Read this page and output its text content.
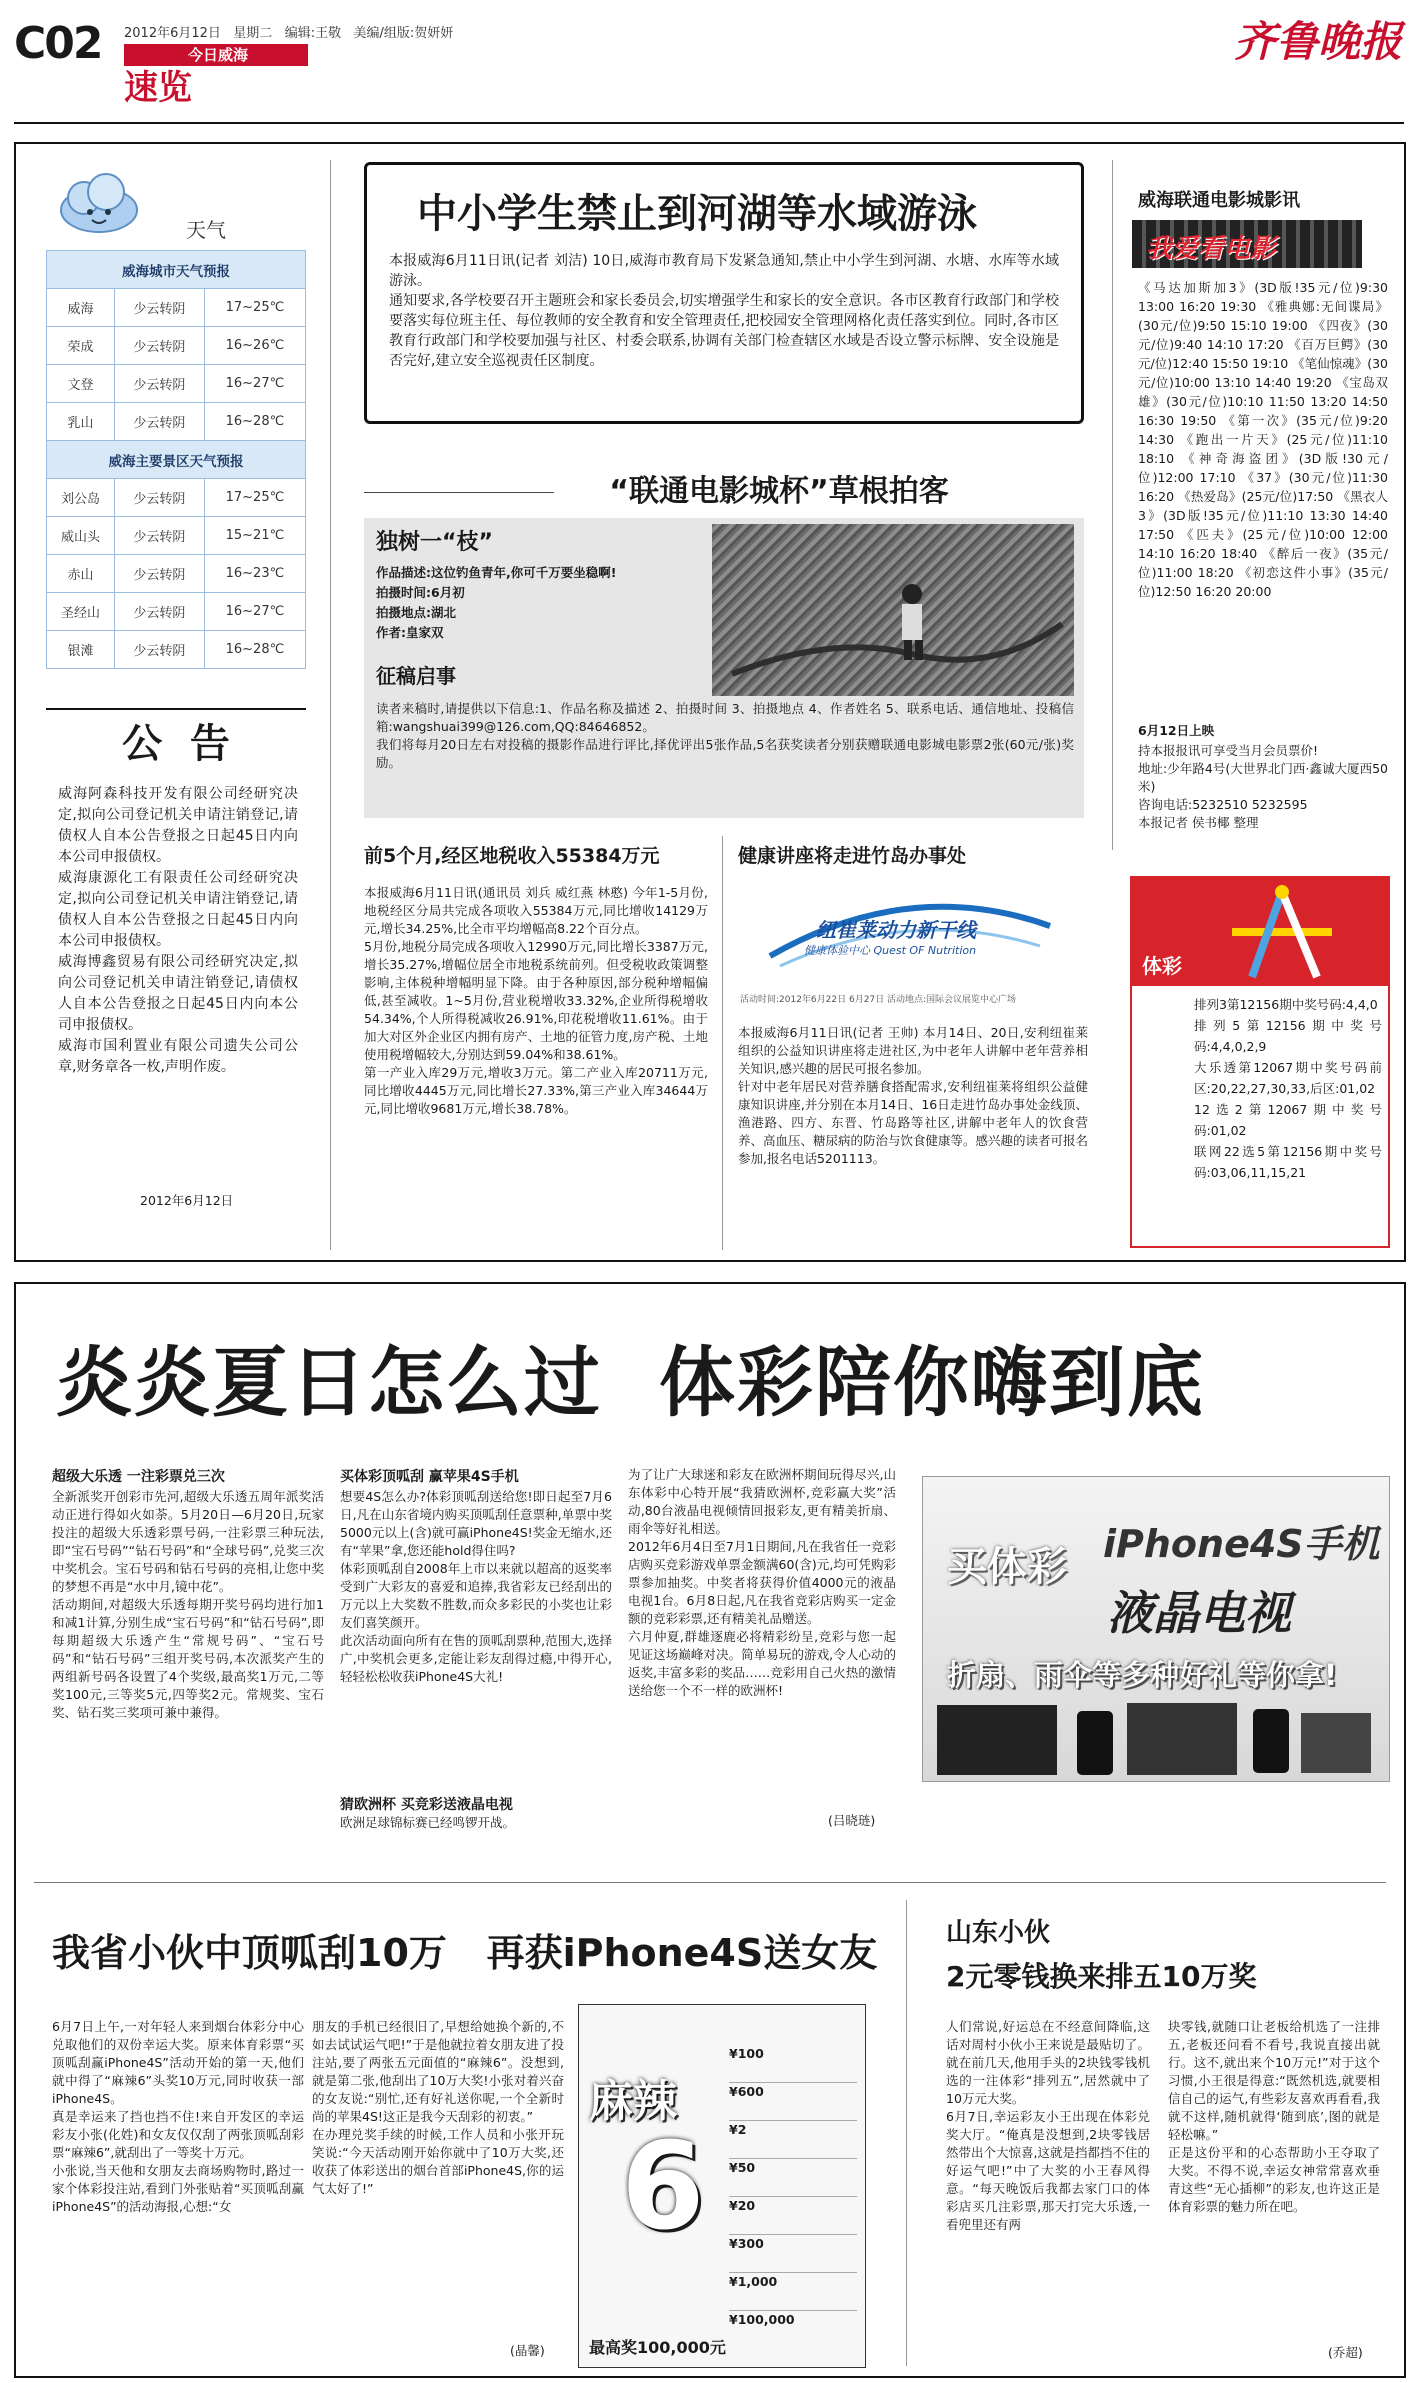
C02 2012年6月12日   星期二   编辑:王敬   美编/组版:贺妍妍
今日威海
速览
齐鲁晚报
天气
威海城市天气预报		
威海	少云转阴	17~25℃
荣成	少云转阴	16~26℃
文登	少云转阴	16~27℃
乳山	少云转阴	16~28℃
威海主要景区天气预报		
刘公岛	少云转阴	17~25℃
威山头	少云转阴	15~21℃
赤山	少云转阴	16~23℃
圣经山	少云转阴	16~27℃
银滩	少云转阴	16~28℃
公  告
威海阿森科技开发有限公司经研究决定,拟向公司登记机关申请注销登记,请债权人自本公告登报之日起45日内向本公司申报债权。
威海康源化工有限责任公司经研究决定,拟向公司登记机关申请注销登记,请债权人自本公告登报之日起45日内向本公司申报债权。
威海博鑫贸易有限公司经研究决定,拟向公司登记机关申请注销登记,请债权人自本公告登报之日起45日内向本公司申报债权。
威海市国利置业有限公司遗失公司公章,财务章各一枚,声明作废。
2012年6月12日
中小学生禁止到河湖等水域游泳
本报威海6月11日讯(记者 刘洁) 10日,威海市教育局下发紧急通知,禁止中小学生到河湖、水塘、水库等水域游泳。
通知要求,各学校要召开主题班会和家长委员会,切实增强学生和家长的安全意识。各市区教育行政部门和学校要落实每位班主任、每位教师的安全教育和安全管理责任,把校园安全管理网格化责任落实到位。同时,各市区教育行政部门和学校要加强与社区、村委会联系,协调有关部门检查辖区水域是否设立警示标牌、安全设施是否完好,建立安全巡视责任区制度。
“联通电影城杯”草根拍客
独树一“枝”
作品描述:这位钓鱼青年,你可千万要坐稳啊!
拍摄时间:6月初
拍摄地点:湖北
作者:皇家双
征稿启事
读者来稿时,请提供以下信息:1、作品名称及描述 2、拍摄时间 3、拍摄地点 4、作者姓名 5、联系电话、通信地址、投稿信箱:wangshuai399@126.com,QQ:84646852。
我们将每月20日左右对投稿的摄影作品进行评比,择优评出5张作品,5名获奖读者分别获赠联通电影城电影票2张(60元/张)奖励。
前5个月,经区地税收入55384万元
本报威海6月11日讯(通讯员 刘兵 威红燕 林憨) 今年1-5月份,地税经区分局共完成各项收入55384万元,同比增收14129万元,增长34.25%,比全市平均增幅高8.22个百分点。
5月份,地税分局完成各项收入12990万元,同比增长3387万元,增长35.27%,增幅位居全市地税系统前列。但受税收政策调整影响,主体税种增幅明显下降。由于各种原因,部分税种增幅偏低,甚至减收。1~5月份,营业税增收33.32%,企业所得税增收54.34%,个人所得税减收26.91%,印花税增收11.61%。由于加大对区外企业区内拥有房产、土地的征管力度,房产税、土地使用税增幅较大,分别达到59.04%和38.61%。
第一产业入库29万元,增收3万元。第二产业入库20711万元,同比增收4445万元,同比增长27.33%,第三产业入库34644万元,同比增收9681万元,增长38.78%。
健康讲座将走进竹岛办事处
纽崔莱动力新干线
健康体验中心 Quest OF Nutrition
活动时间:2012年6月22日 6月27日 活动地点:国际会议展览中心广场
本报威海6月11日讯(记者 王帅) 本月14日、20日,安利纽崔莱组织的公益知识讲座将走进社区,为中老年人讲解中老年营养相关知识,感兴趣的居民可报名参加。
针对中老年居民对营养膳食搭配需求,安利纽崔莱将组织公益健康知识讲座,并分别在本月14日、16日走进竹岛办事处金线顶、渔港路、四方、东晋、竹岛路等社区,讲解中老年人的饮食营养、高血压、糖尿病的防治与饮食健康等。感兴趣的读者可报名参加,报名电话5201113。
威海联通电影城影讯
我爱看电影
《马达加斯加3》(3D版!35元/位)9:30 13:00 16:20 19:30 《雅典娜:无间谍局》(30元/位)9:50 15:10 19:00 《四夜》(30元/位)9:40 14:10 17:20 《百万巨鳄》(30元/位)12:40 15:50 19:10 《笔仙惊魂》(30元/位)10:00 13:10 14:40 19:20 《宝岛双雄》(30元/位)10:10 11:50 13:20 14:50 16:30 19:50 《第一次》(35元/位)9:20 14:30 《跑出一片天》(25元/位)11:10 18:10 《神奇海盗团》(3D版!30元/位)12:00 17:10 《37》(30元/位)11:30 16:20 《热爱岛》(25元/位)17:50 《黑衣人3》(3D版!35元/位)11:10 13:30 14:40 17:50 《匹夫》(25元/位)10:00 12:00 14:10 16:20 18:40 《醉后一夜》(35元/位)11:00 18:20 《初恋这件小事》(35元/位)12:50 16:20 20:00
6月12日上映
持本报报讯可享受当月会员票价!
地址:少年路4号(大世界北门西·鑫诚大厦西50米)
咨询电话:5232510 5232595
本报记者 侯书椰 整理
体彩
排列3第12156期中奖号码:4,4,0
排列5第12156期中奖号码:4,4,0,2,9
大乐透第12067期中奖号码前区:20,22,27,30,33,后区:01,02
12选2第12067期中奖号码:01,02
联网22选5第12156期中奖号码:03,06,11,15,21
炎炎夏日怎么过  体彩陪你嗨到底
超级大乐透 一注彩票兑三次
全新派奖开创彩市先河,超级大乐透五周年派奖活动正进行得如火如荼。5月20日—6月20日,玩家投注的超级大乐透彩票号码,一注彩票三种玩法,即“宝石号码”“钻石号码”和“全球号码”,兑奖三次中奖机会。宝石号码和钻石号码的亮相,让您中奖的梦想不再是“水中月,镜中花”。
活动期间,对超级大乐透每期开奖号码均进行加1和减1计算,分别生成“宝石号码”和“钻石号码”,即每期超级大乐透产生“常规号码”、“宝石号码”和“钻石号码”三组开奖号码,本次派奖产生的两组新号码各设置了4个奖级,最高奖1万元,二等奖100元,三等奖5元,四等奖2元。常规奖、宝石奖、钻石奖三奖项可兼中兼得。
买体彩顶呱刮 赢苹果4S手机
想要4S怎么办?体彩顶呱刮送给您!即日起至7月6日,凡在山东省境内购买顶呱刮任意票种,单票中奖5000元以上(含)就可赢iPhone4S!奖金无缩水,还有“苹果”拿,您还能hold得住吗?
体彩顶呱刮自2008年上市以来就以超高的返奖率受到广大彩友的喜爱和追捧,我省彩友已经刮出的万元以上大奖数不胜数,而众多彩民的小奖也让彩友们喜笑颜开。
此次活动面向所有在售的顶呱刮票种,范围大,选择广,中奖机会更多,定能让彩友刮得过瘾,中得开心,轻轻松松收获iPhone4S大礼!
猜欧洲杯 买竞彩送液晶电视
欧洲足球锦标赛已经鸣锣开战。
为了让广大球迷和彩友在欧洲杯期间玩得尽兴,山东体彩中心特开展“我猜欧洲杯,竞彩赢大奖”活动,80台液晶电视倾情回报彩友,更有精美折扇、雨伞等好礼相送。
2012年6月4日至7月1日期间,凡在我省任一竞彩店购买竞彩游戏单票金额满60(含)元,均可凭购彩票参加抽奖。中奖者将获得价值4000元的液晶电视1台。6月8日起,凡在我省竞彩店购买一定金额的竞彩彩票,还有精美礼品赠送。
六月仲夏,群雄逐鹿必将精彩纷呈,竞彩与您一起见证这场巅峰对决。简单易玩的游戏,令人心动的返奖,丰富多彩的奖品……竞彩用自己火热的激情送给您一个不一样的欧洲杯!
(吕晓琏)
买体彩 iPhone4S手机
液晶电视
折扇、雨伞等多种好礼等你拿!
我省小伙中顶呱刮10万   再获iPhone4S送女友
6月7日上午,一对年轻人来到烟台体彩分中心兑取他们的双份幸运大奖。原来体育彩票“买顶呱刮赢iPhone4S”活动开始的第一天,他们就中得了“麻辣6”头奖10万元,同时收获一部iPhone4S。
真是幸运来了挡也挡不住!来自开发区的幸运彩友小张(化姓)和女友仅仅刮了两张顶呱刮彩票“麻辣6”,就刮出了一等奖十万元。
小张说,当天他和女朋友去商场购物时,路过一家个体彩投注站,看到门外张贴着“买顶呱刮赢iPhone4S”的活动海报,心想:“女
朋友的手机已经很旧了,早想给她换个新的,不如去试试运气吧!”于是他就拉着女朋友进了投注站,要了两张五元面值的“麻辣6”。没想到,就是第二张,他刮出了10万大奖!小张对着兴奋的女友说:“别忙,还有好礼送你呢,一个全新时尚的苹果4S!这正是我今天刮彩的初衷。”
在办理兑奖手续的时候,工作人员和小张开玩笑说:“今天活动刚开始你就中了10万大奖,还收获了体彩送出的烟台首部iPhone4S,你的运气太好了!”
(晶馨)
麻辣
6
¥100
¥600
¥2
¥50
¥20
¥300
¥1,000
¥100,000
最高奖100,000元
山东小伙
2元零钱换来排五10万奖
人们常说,好运总在不经意间降临,这话对周村小伙小王来说是最贴切了。就在前几天,他用手头的2块钱零钱机选的一注体彩“排列五”,居然就中了10万元大奖。
6月7日,幸运彩友小王出现在体彩兑奖大厅。“俺真是没想到,2块零钱居然带出个大惊喜,这就是挡都挡不住的好运气吧!”中了大奖的小王春风得意。“每天晚饭后我都去家门口的体彩店买几注彩票,那天打完大乐透,一看兜里还有两
块零钱,就随口让老板给机选了一注排五,老板还问看不看号,我说直接出就行。这不,就出来个10万元!”对于这个习惯,小王很是得意:“既然机选,就要相信自己的运气,有些彩友喜欢再看看,我就不这样,随机就得‘随到底’,图的就是轻松嘛。”
正是这份平和的心态帮助小王夺取了大奖。不得不说,幸运女神常常喜欢垂青这些“无心插柳”的彩友,也许这正是体育彩票的魅力所在吧。
(乔超)
